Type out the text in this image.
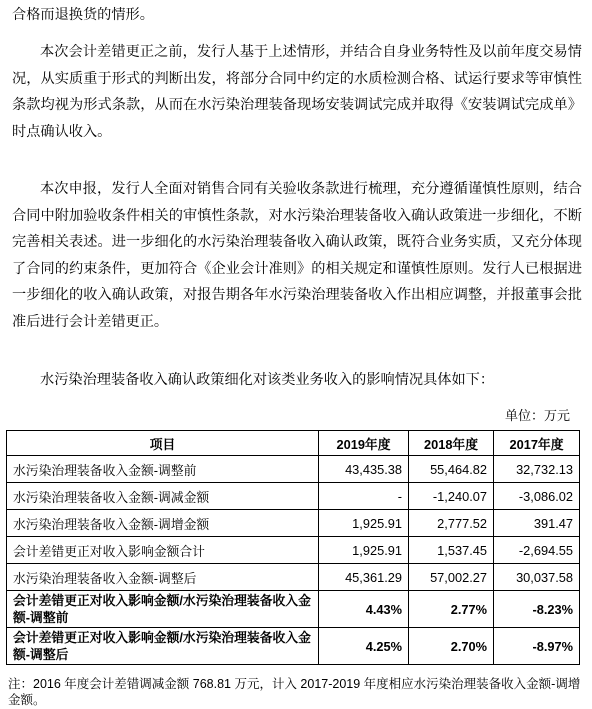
合格而退换货的情形。

本次会计差错更正之前，发行人基于上述情形，并结合自身业务特性及以前年度交易情况，从实质重于形式的判断出发，将部分合同中约定的水质检测合格、试运行要求等审慎性条款均视为形式条款，从而在水污染治理装备现场安装调试完成并取得《安装调试完成单》时点确认收入。

本次申报，发行人全面对销售合同有关验收条款进行梳理，充分遵循谨慎性原则，结合合同中附加验收条件相关的审慎性条款，对水污染治理装备收入确认政策进一步细化，不断完善相关表述。进一步细化的水污染治理装备收入确认政策，既符合业务实质，又充分体现了合同的约束条件，更加符合《企业会计准则》的相关规定和谨慎性原则。发行人已根据进一步细化的收入确认政策，对报告期各年水污染治理装备收入作出相应调整，并报董事会批准后进行会计差错更正。

水污染治理装备收入确认政策细化对该类业务收入的影响情况具体如下：

单位：万元
项目	2019年度	2018年度	2017年度
水污染治理装备收入金额-调整前	43,435.38	55,464.82	32,732.13
水污染治理装备收入金额-调减金额	-	-1,240.07	-3,086.02
水污染治理装备收入金额-调增金额	1,925.91	2,777.52	391.47
会计差错更正对收入影响金额合计	1,925.91	1,537.45	-2,694.55
水污染治理装备收入金额-调整后	45,361.29	57,002.27	30,037.58
会计差错更正对收入影响金额/水污染治理装备收入金额-调整前	4.43%	2.77%	-8.23%
会计差错更正对收入影响金额/水污染治理装备收入金额-调整后	4.25%	2.70%	-8.97%

注：2016 年度会计差错调减金额 768.81 万元，计入 2017-2019 年度相应水污染治理装备收入金额-调增金额。
